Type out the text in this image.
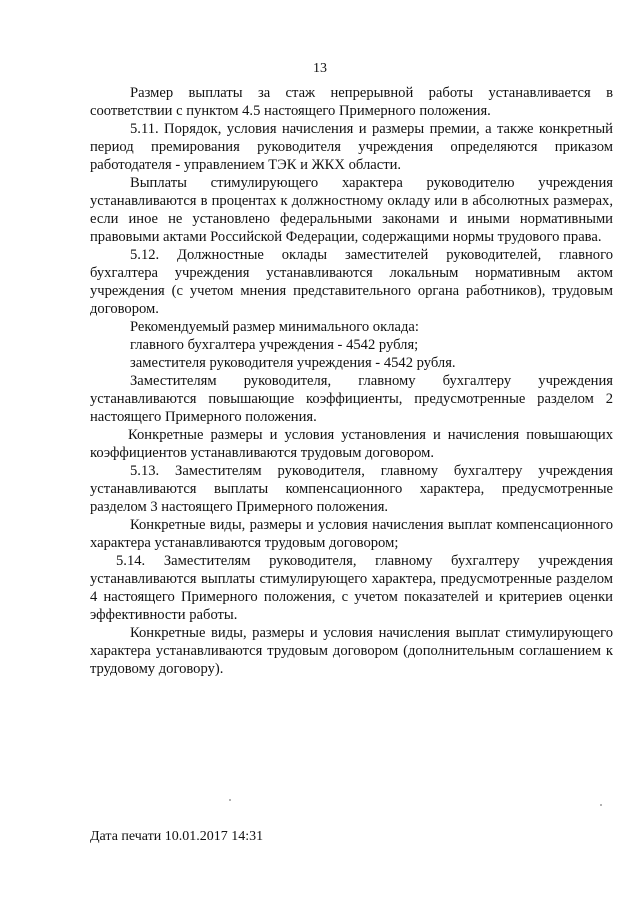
13

Размер выплаты за стаж непрерывной работы устанавливается в соответствии с пунктом 4.5 настоящего Примерного положения.

5.11. Порядок, условия начисления и размеры премии, а также конкретный период премирования руководителя учреждения определяются приказом работодателя - управлением ТЭК и ЖКХ области.

Выплаты стимулирующего характера руководителю учреждения устанавливаются в процентах к должностному окладу или в абсолютных размерах, если иное не установлено федеральными законами и иными нормативными правовыми актами Российской Федерации, содержащими нормы трудового права.

5.12. Должностные оклады заместителей руководителей, главного бухгалтера учреждения устанавливаются локальным нормативным актом учреждения (с учетом мнения представительного органа работников), трудовым договором.

Рекомендуемый размер минимального оклада:

главного бухгалтера учреждения - 4542 рубля;

заместителя руководителя учреждения - 4542 рубля.

Заместителям руководителя, главному бухгалтеру учреждения устанавливаются повышающие коэффициенты, предусмотренные разделом 2 настоящего Примерного положения.

Конкретные размеры и условия установления и начисления повышающих коэффициентов устанавливаются трудовым договором.

5.13. Заместителям руководителя, главному бухгалтеру учреждения устанавливаются выплаты компенсационного характера, предусмотренные разделом 3 настоящего Примерного положения.

Конкретные виды, размеры и условия начисления выплат компенсационного характера устанавливаются трудовым договором;

5.14. Заместителям руководителя, главному бухгалтеру учреждения устанавливаются выплаты стимулирующего характера, предусмотренные разделом 4 настоящего Примерного положения, с учетом показателей и критериев оценки эффективности работы.

Конкретные виды, размеры и условия начисления выплат стимулирующего характера устанавливаются трудовым договором (дополнительным соглашением к трудовому договору).

Дата печати 10.01.2017 14:31
